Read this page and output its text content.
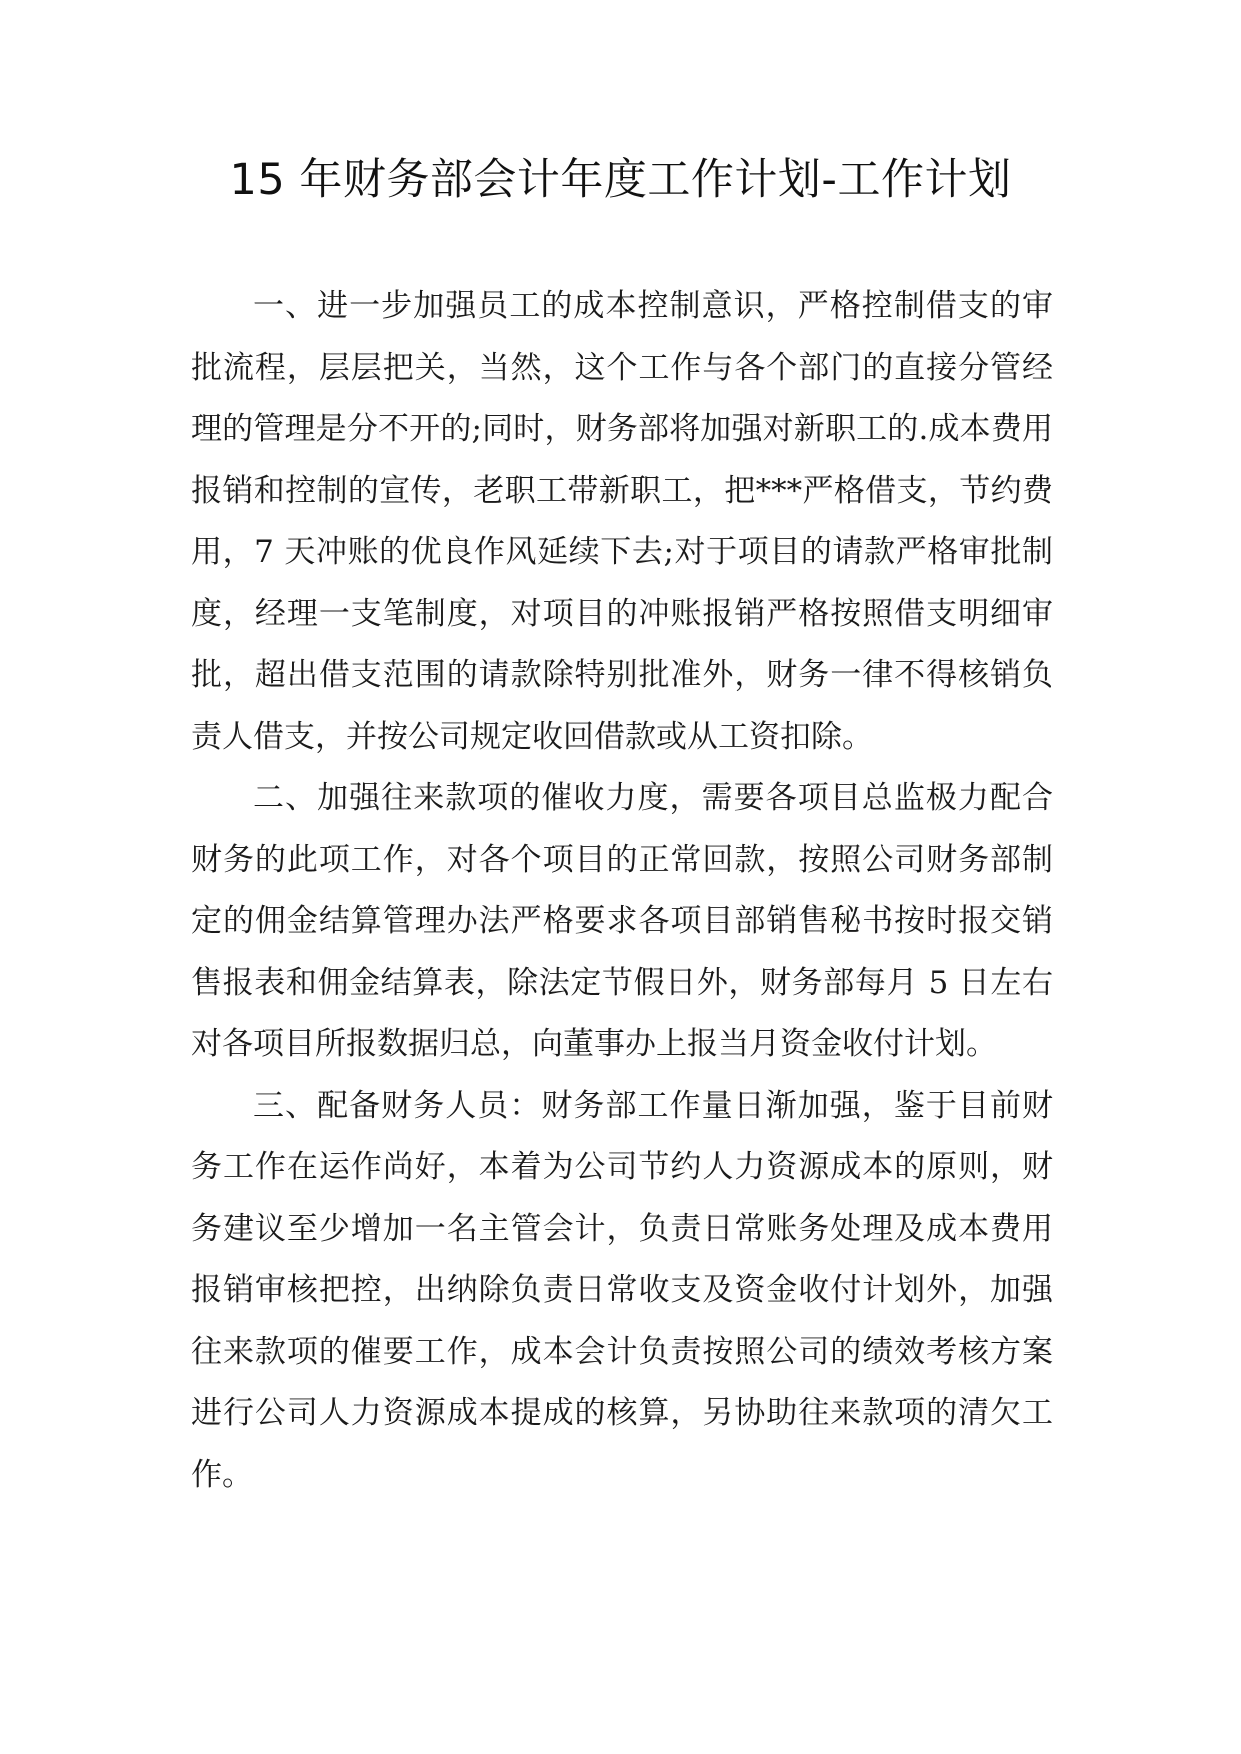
15 年财务部会计年度工作计划-工作计划

一、进一步加强员工的成本控制意识，严格控制借支的审批流程，层层把关，当然，这个工作与各个部门的直接分管经理的管理是分不开的;同时，财务部将加强对新职工的.成本费用报销和控制的宣传，老职工带新职工，把***严格借支，节约费用，7 天冲账的优良作风延续下去;对于项目的请款严格审批制度，经理一支笔制度，对项目的冲账报销严格按照借支明细审批，超出借支范围的请款除特别批准外，财务一律不得核销负责人借支，并按公司规定收回借款或从工资扣除。

二、加强往来款项的催收力度，需要各项目总监极力配合财务的此项工作，对各个项目的正常回款，按照公司财务部制定的佣金结算管理办法严格要求各项目部销售秘书按时报交销售报表和佣金结算表，除法定节假日外，财务部每月 5 日左右对各项目所报数据归总，向董事办上报当月资金收付计划。

三、配备财务人员：财务部工作量日渐加强，鉴于目前财务工作在运作尚好，本着为公司节约人力资源成本的原则，财务建议至少增加一名主管会计，负责日常账务处理及成本费用报销审核把控，出纳除负责日常收支及资金收付计划外，加强往来款项的催要工作，成本会计负责按照公司的绩效考核方案进行公司人力资源成本提成的核算，另协助往来款项的清欠工作。
